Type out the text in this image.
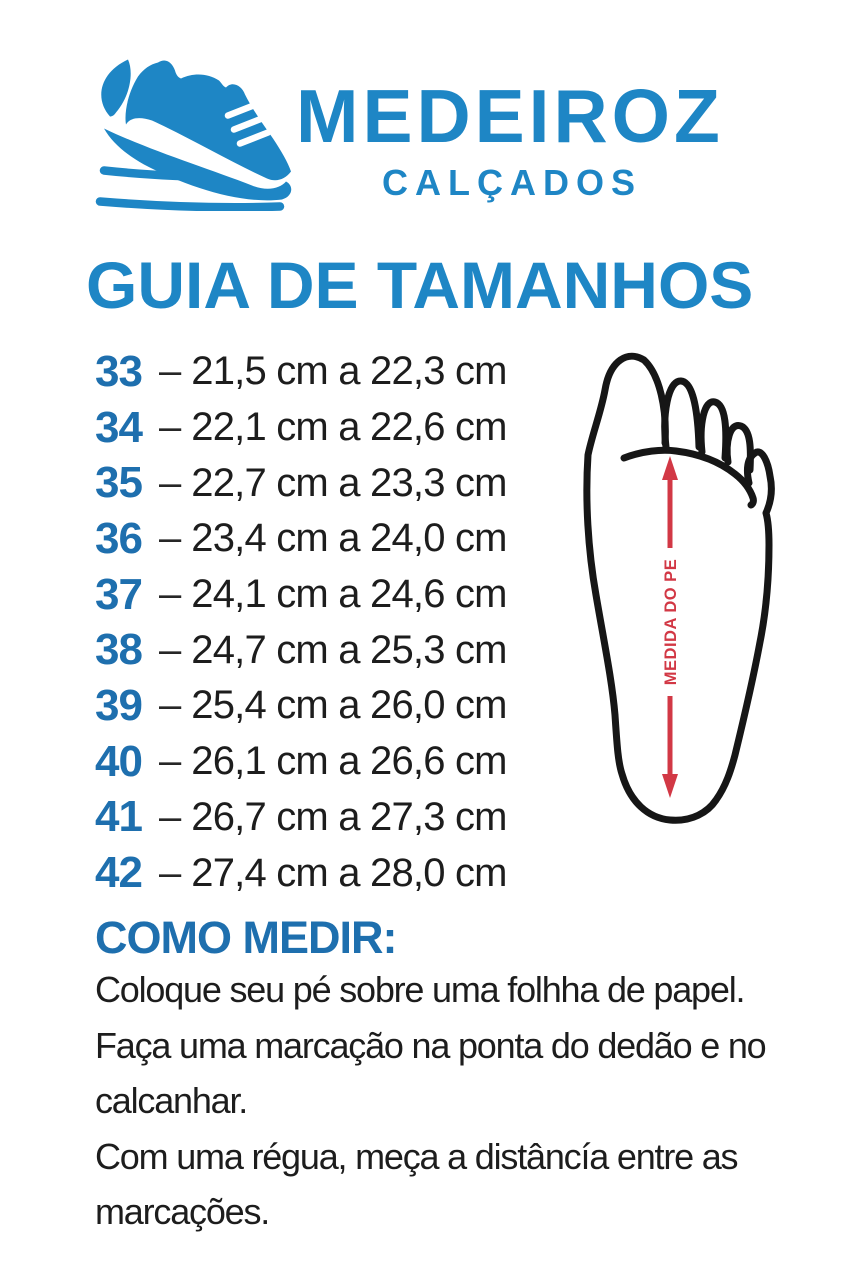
MEDEIROZ
CALÇADOS
GUIA DE TAMANHOS
33 – 21,5 cm a 22,3 cm
34 – 22,1 cm a 22,6 cm
35 – 22,7 cm a 23,3 cm
36 – 23,4 cm a 24,0 cm
37 – 24,1 cm a 24,6 cm
38 – 24,7 cm a 25,3 cm
39 – 25,4 cm a 26,0 cm
40 – 26,1 cm a 26,6 cm
41 – 26,7 cm a 27,3 cm
42 – 27,4 cm a 28,0 cm
MEDIDA DO PE
COMO MEDIR:
Coloque seu pé sobre uma folhha de papel.
Faça uma marcação na ponta do dedão e no
calcanhar.
Com uma régua, meça a distâncía entre as
marcações.
